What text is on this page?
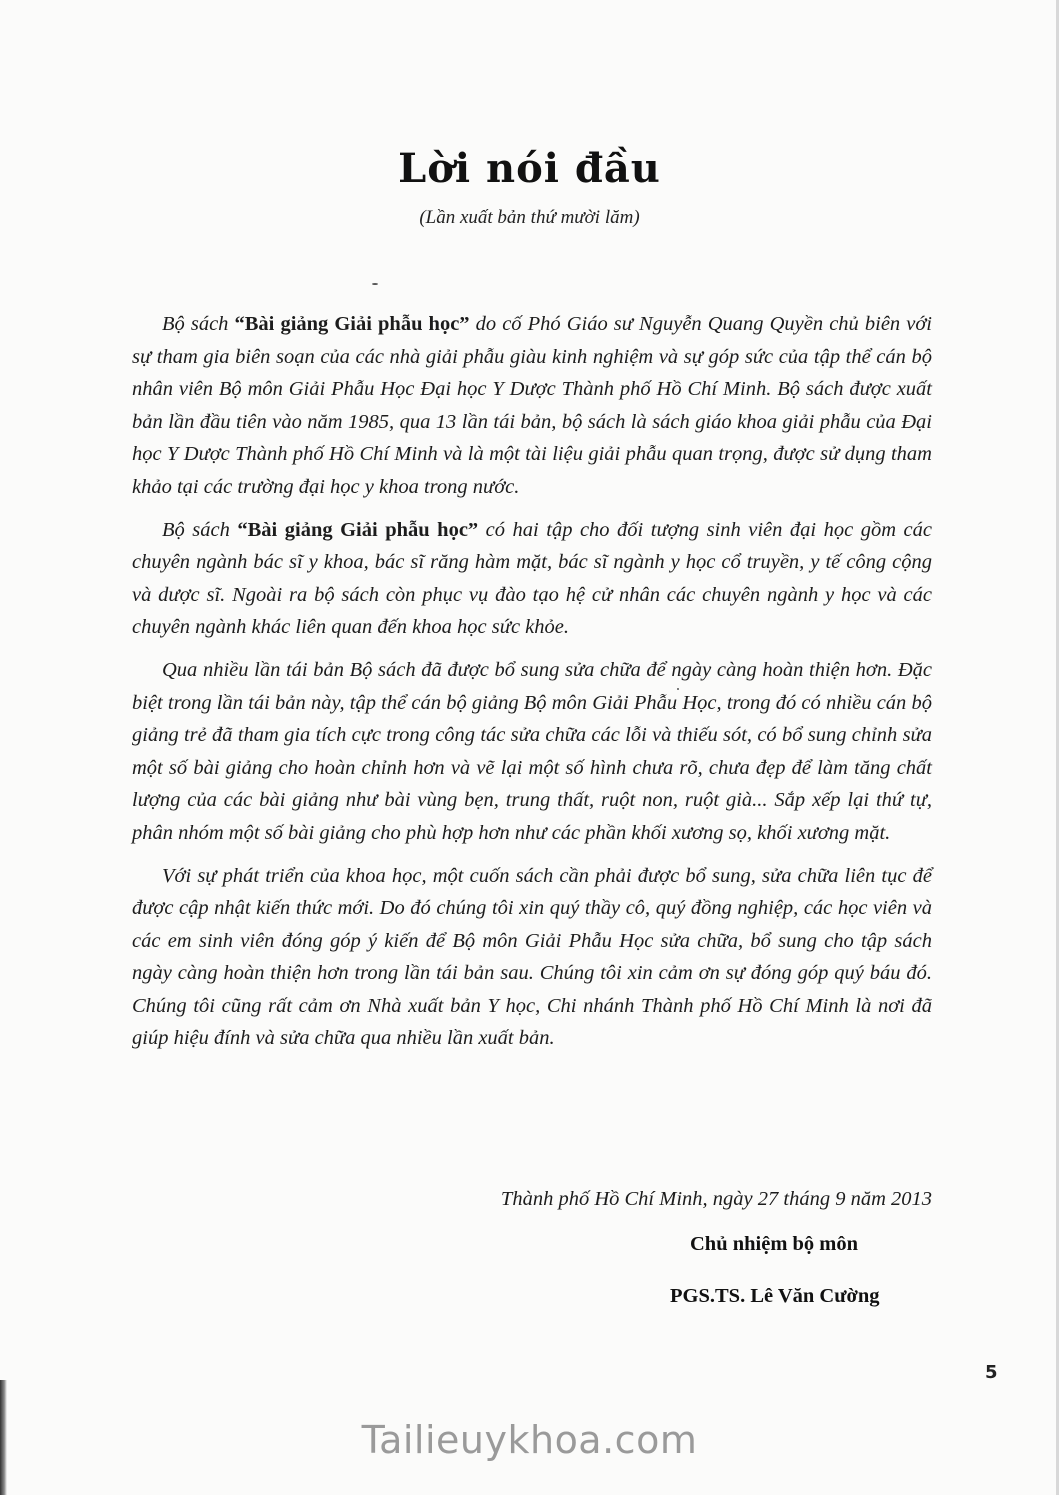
Lời nói đầu
(Lần xuất bản thứ mười lăm)

Bộ sách “Bài giảng Giải phẫu học” do cố Phó Giáo sư Nguyễn Quang Quyền chủ biên với sự tham gia biên soạn của các nhà giải phẫu giàu kinh nghiệm và sự góp sức của tập thể cán bộ nhân viên Bộ môn Giải Phẫu Học Đại học Y Dược Thành phố Hồ Chí Minh. Bộ sách được xuất bản lần đầu tiên vào năm 1985, qua 13 lần tái bản, bộ sách là sách giáo khoa giải phẫu của Đại học Y Dược Thành phố Hồ Chí Minh và là một tài liệu giải phẫu quan trọng, được sử dụng tham khảo tại các trường đại học y khoa trong nước.

Bộ sách “Bài giảng Giải phẫu học” có hai tập cho đối tượng sinh viên đại học gồm các chuyên ngành bác sĩ y khoa, bác sĩ răng hàm mặt, bác sĩ ngành y học cổ truyền, y tế công cộng và dược sĩ. Ngoài ra bộ sách còn phục vụ đào tạo hệ cử nhân các chuyên ngành y học và các chuyên ngành khác liên quan đến khoa học sức khỏe.

Qua nhiều lần tái bản Bộ sách đã được bổ sung sửa chữa để ngày càng hoàn thiện hơn. Đặc biệt trong lần tái bản này, tập thể cán bộ giảng Bộ môn Giải Phẫu Học, trong đó có nhiều cán bộ giảng trẻ đã tham gia tích cực trong công tác sửa chữa các lỗi và thiếu sót, có bổ sung chỉnh sửa một số bài giảng cho hoàn chỉnh hơn và vẽ lại một số hình chưa rõ, chưa đẹp để làm tăng chất lượng của các bài giảng như bài vùng bẹn, trung thất, ruột non, ruột già... Sắp xếp lại thứ tự, phân nhóm một số bài giảng cho phù hợp hơn như các phần khối xương sọ, khối xương mặt.

Với sự phát triển của khoa học, một cuốn sách cần phải được bổ sung, sửa chữa liên tục để được cập nhật kiến thức mới. Do đó chúng tôi xin quý thầy cô, quý đồng nghiệp, các học viên và các em sinh viên đóng góp ý kiến để Bộ môn Giải Phẫu Học sửa chữa, bổ sung cho tập sách ngày càng hoàn thiện hơn trong lần tái bản sau. Chúng tôi xin cảm ơn sự đóng góp quý báu đó. Chúng tôi cũng rất cảm ơn Nhà xuất bản Y học, Chi nhánh Thành phố Hồ Chí Minh là nơi đã giúp hiệu đính và sửa chữa qua nhiều lần xuất bản.

Thành phố Hồ Chí Minh, ngày 27 tháng 9 năm 2013
Chủ nhiệm bộ môn
PGS.TS. Lê Văn Cường
5
Tailieuykhoa.com
